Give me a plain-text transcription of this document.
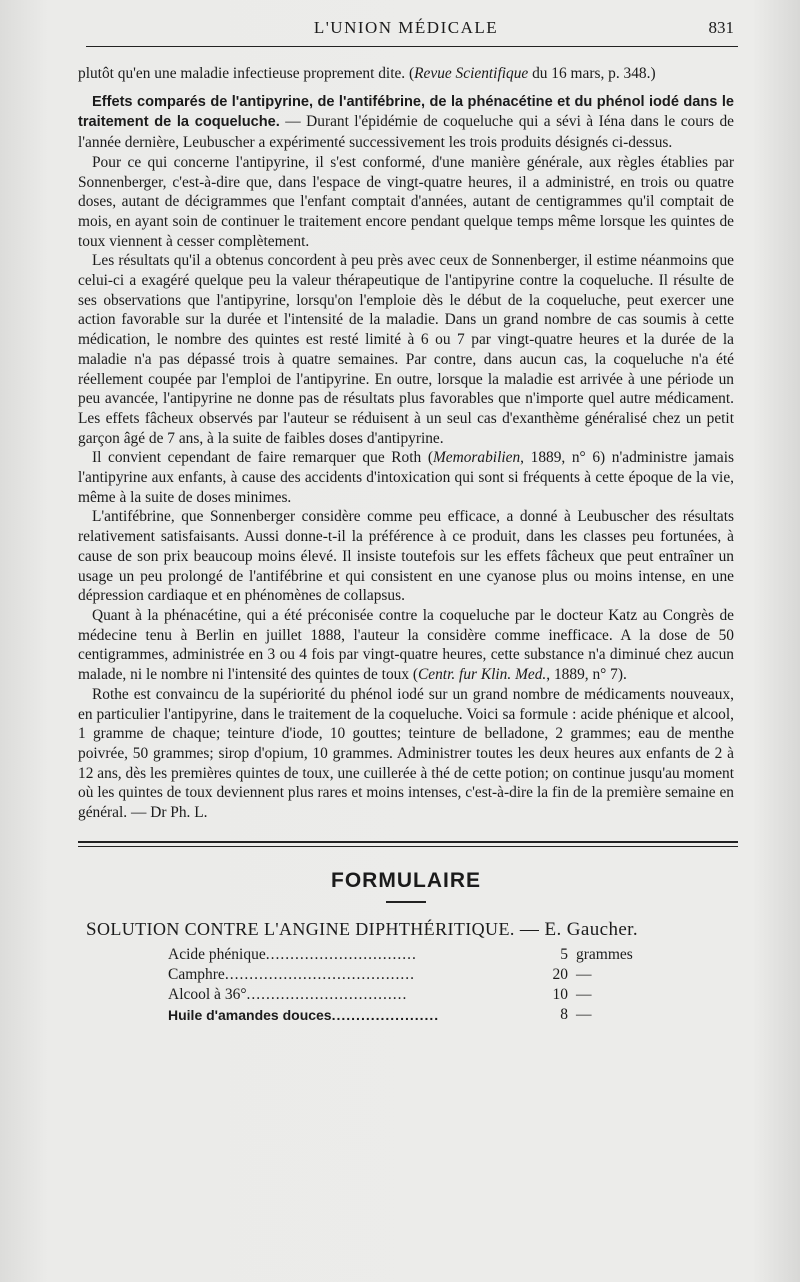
L'UNION MÉDICALE	831

plutôt qu'en une maladie infectieuse proprement dite. (Revue Scientifique du 16 mars, p. 348.)

Effets comparés de l'antipyrine, de l'antifébrine, de la phénacétine et du phénol iodé dans le traitement de la coqueluche. — Durant l'épidémie de coqueluche qui a sévi à Iéna dans le cours de l'année dernière, Leubuscher a expérimenté successivement les trois produits désignés ci-dessus.

Pour ce qui concerne l'antipyrine, il s'est conformé, d'une manière générale, aux règles établies par Sonnenberger, c'est-à-dire que, dans l'espace de vingt-quatre heures, il a administré, en trois ou quatre doses, autant de décigrammes que l'enfant comptait d'années, autant de centigrammes qu'il comptait de mois, en ayant soin de continuer le traitement encore pendant quelque temps même lorsque les quintes de toux viennent à cesser complètement.

Les résultats qu'il a obtenus concordent à peu près avec ceux de Sonnenberger, il estime néanmoins que celui-ci a exagéré quelque peu la valeur thérapeutique de l'antipyrine contre la coqueluche. Il résulte de ses observations que l'antipyrine, lorsqu'on l'emploie dès le début de la coqueluche, peut exercer une action favorable sur la durée et l'intensité de la maladie. Dans un grand nombre de cas soumis à cette médication, le nombre des quintes est resté limité à 6 ou 7 par vingt-quatre heures et la durée de la maladie n'a pas dépassé trois à quatre semaines. Par contre, dans aucun cas, la coqueluche n'a été réellement coupée par l'emploi de l'antipyrine. En outre, lorsque la maladie est arrivée à une période un peu avancée, l'antipyrine ne donne pas de résultats plus favorables que n'importe quel autre médicament. Les effets fâcheux observés par l'auteur se réduisent à un seul cas d'exanthème généralisé chez un petit garçon âgé de 7 ans, à la suite de faibles doses d'antipyrine.

Il convient cependant de faire remarquer que Roth (Memorabilien, 1889, n° 6) n'administre jamais l'antipyrine aux enfants, à cause des accidents d'intoxication qui sont si fréquents à cette époque de la vie, même à la suite de doses minimes.

L'antifébrine, que Sonnenberger considère comme peu efficace, a donné à Leubuscher des résultats relativement satisfaisants. Aussi donne-t-il la préférence à ce produit, dans les classes peu fortunées, à cause de son prix beaucoup moins élevé. Il insiste toutefois sur les effets fâcheux que peut entraîner un usage un peu prolongé de l'antifébrine et qui consistent en une cyanose plus ou moins intense, en une dépression cardiaque et en phénomènes de collapsus.

Quant à la phénacétine, qui a été préconisée contre la coqueluche par le docteur Katz au Congrès de médecine tenu à Berlin en juillet 1888, l'auteur la considère comme inefficace. A la dose de 50 centigrammes, administrée en 3 ou 4 fois par vingt-quatre heures, cette substance n'a diminué chez aucun malade, ni le nombre ni l'intensité des quintes de toux (Centr. fur Klin. Med., 1889, n° 7).

Rothe est convaincu de la supériorité du phénol iodé sur un grand nombre de médicaments nouveaux, en particulier l'antipyrine, dans le traitement de la coqueluche. Voici sa formule : acide phénique et alcool, 1 gramme de chaque; teinture d'iode, 10 gouttes; teinture de belladone, 2 grammes; eau de menthe poivrée, 50 grammes; sirop d'opium, 10 grammes. Administrer toutes les deux heures aux enfants de 2 à 12 ans, dès les premières quintes de toux, une cuillerée à thé de cette potion; on continue jusqu'au moment où les quintes de toux deviennent plus rares et moins intenses, c'est-à-dire la fin de la première semaine en général. — Dr Ph. L.

FORMULAIRE
SOLUTION CONTRE L'ANGINE DIPHTHÉRITIQUE. — E. Gaucher.
Acide phénique...............................	5 grammes
Camphre.......................................	20 —
Alcool à 36°.................................	10 —
Huile d'amandes douces......................	8 —
